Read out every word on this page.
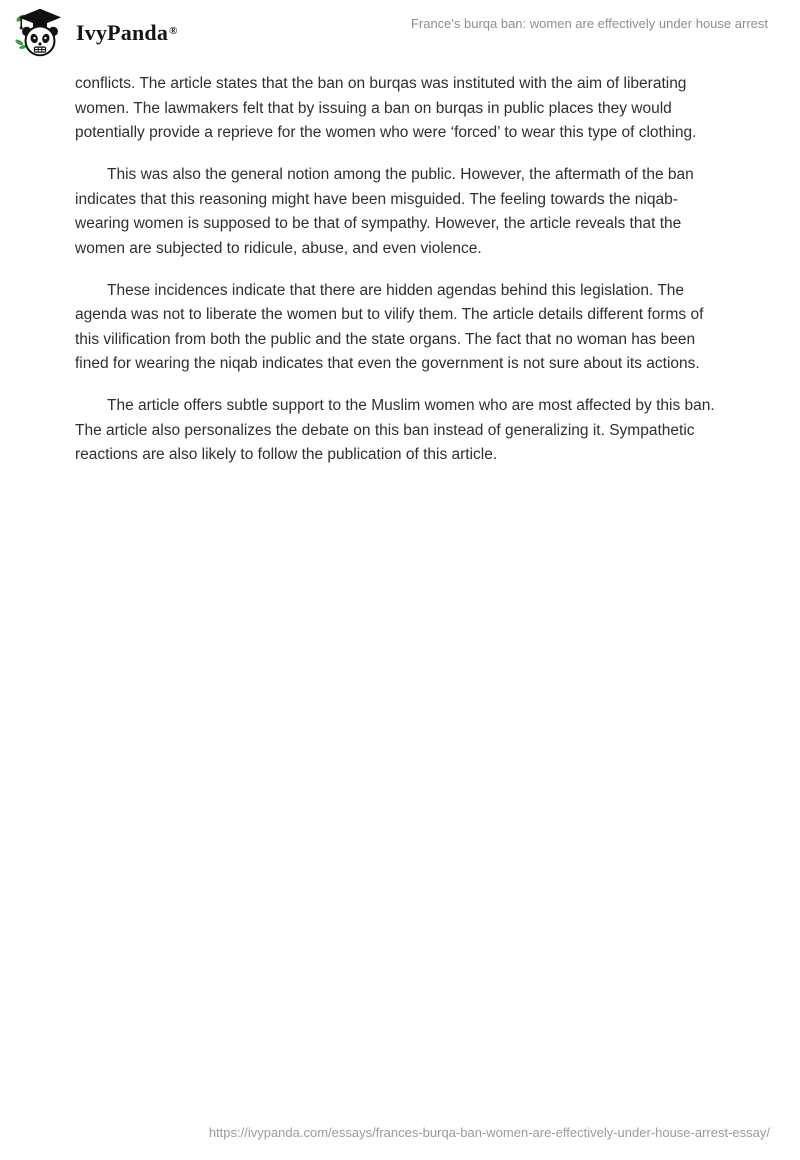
IvyPanda®	France's burqa ban: women are effectively under house arrest

conflicts. The article states that the ban on burqas was instituted with the aim of liberating women. The lawmakers felt that by issuing a ban on burqas in public places they would potentially provide a reprieve for the women who were ‘forced’ to wear this type of clothing.

This was also the general notion among the public. However, the aftermath of the ban indicates that this reasoning might have been misguided. The feeling towards the niqab-wearing women is supposed to be that of sympathy. However, the article reveals that the women are subjected to ridicule, abuse, and even violence.

These incidences indicate that there are hidden agendas behind this legislation. The agenda was not to liberate the women but to vilify them. The article details different forms of this vilification from both the public and the state organs. The fact that no woman has been fined for wearing the niqab indicates that even the government is not sure about its actions.

The article offers subtle support to the Muslim women who are most affected by this ban. The article also personalizes the debate on this ban instead of generalizing it. Sympathetic reactions are also likely to follow the publication of this article.

https://ivypanda.com/essays/frances-burqa-ban-women-are-effectively-under-house-arrest-essay/
